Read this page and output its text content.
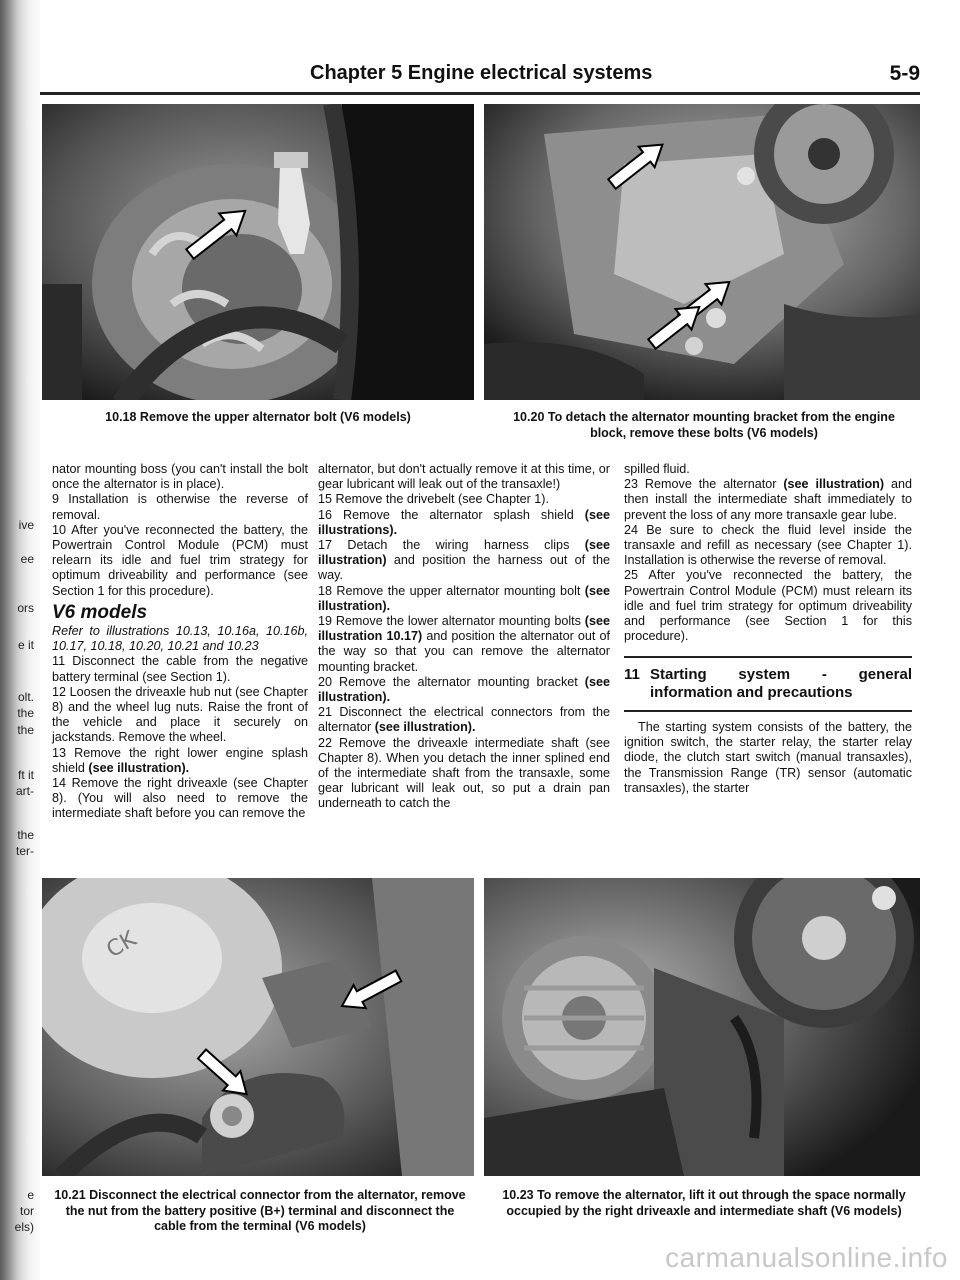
ive
ee
ors
e it
olt.
the
the
ft it
art-
the
ter-
e
tor
els)
Chapter 5 Engine electrical systems	5-9
10.18 Remove the upper alternator bolt (V6 models)	10.20 To detach the alternator mounting bracket from the engine block, remove these bolts (V6 models)

nator mounting boss (you can't install the bolt once the alternator is in place).

9 Installation is otherwise the reverse of removal.

10 After you've reconnected the battery, the Powertrain Control Module (PCM) must relearn its idle and fuel trim strategy for optimum driveability and performance (see Section 1 for this procedure).

V6 models

Refer to illustrations 10.13, 10.16a, 10.16b, 10.17, 10.18, 10.20, 10.21 and 10.23

11 Disconnect the cable from the negative battery terminal (see Section 1).

12 Loosen the driveaxle hub nut (see Chapter 8) and the wheel lug nuts. Raise the front of the vehicle and place it securely on jackstands. Remove the wheel.

13 Remove the right lower engine splash shield (see illustration).

14 Remove the right driveaxle (see Chapter 8). (You will also need to remove the intermediate shaft before you can remove the

alternator, but don't actually remove it at this time, or gear lubricant will leak out of the transaxle!)

15 Remove the drivebelt (see Chapter 1).

16 Remove the alternator splash shield (see illustrations).

17 Detach the wiring harness clips (see illustration) and position the harness out of the way.

18 Remove the upper alternator mounting bolt (see illustration).

19 Remove the lower alternator mounting bolts (see illustration 10.17) and position the alternator out of the way so that you can remove the alternator mounting bracket.

20 Remove the alternator mounting bracket (see illustration).

21 Disconnect the electrical connectors from the alternator (see illustration).

22 Remove the driveaxle intermediate shaft (see Chapter 8). When you detach the inner splined end of the intermediate shaft from the transaxle, some gear lubricant will leak out, so put a drain pan underneath to catch the

spilled fluid.

23 Remove the alternator (see illustration) and then install the intermediate shaft immediately to prevent the loss of any more transaxle gear lube.

24 Be sure to check the fluid level inside the transaxle and refill as necessary (see Chapter 1). Installation is otherwise the reverse of removal.

25 After you've reconnected the battery, the Powertrain Control Module (PCM) must relearn its idle and fuel trim strategy for optimum driveability and performance (see Section 1 for this procedure).

11 Starting system - general information and precautions

The starting system consists of the battery, the ignition switch, the starter relay, the starter relay diode, the clutch start switch (manual transaxles), the Transmission Range (TR) sensor (automatic transaxles), the starter

CK
10.21 Disconnect the electrical connector from the alternator, remove the nut from the battery positive (B+) terminal and disconnect the cable from the terminal (V6 models)
10.23 To remove the alternator, lift it out through the space normally occupied by the right driveaxle and intermediate shaft (V6 models)
carmanualsonline.info
